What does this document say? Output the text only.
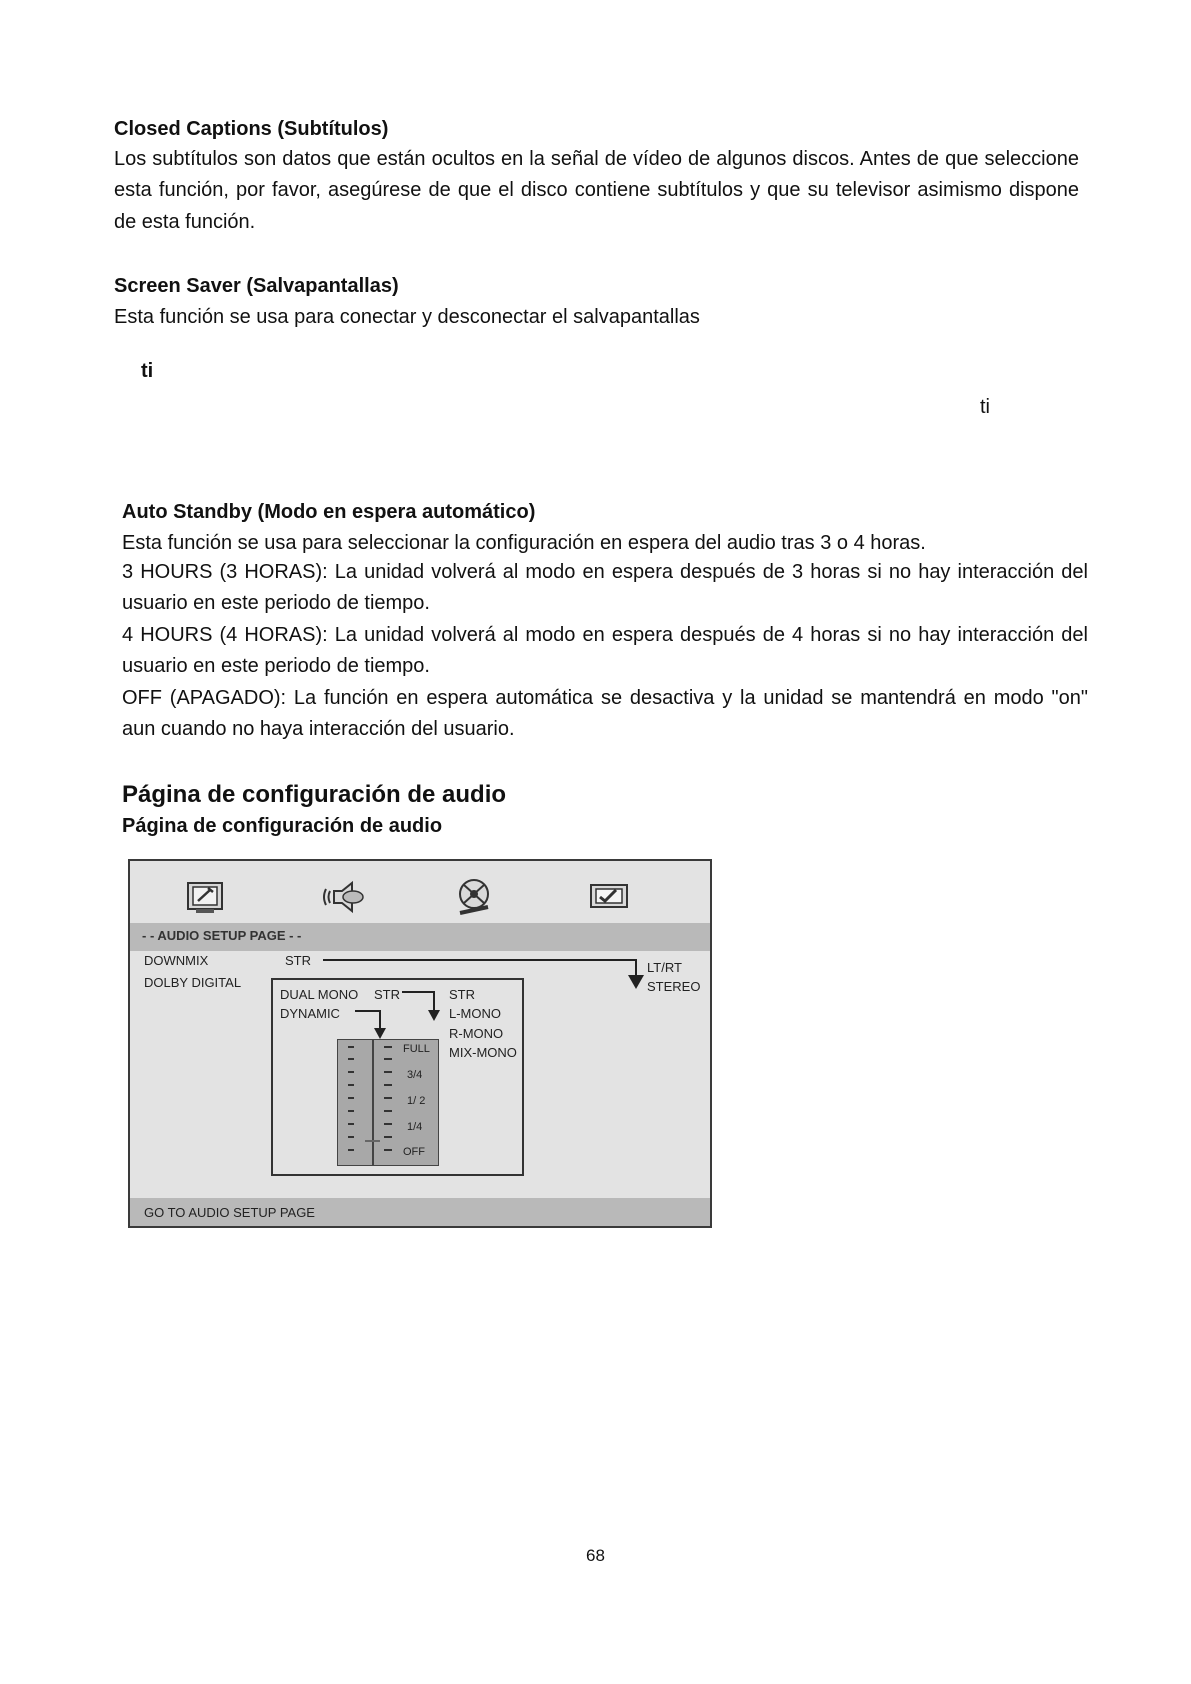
Closed Captions (Subtítulos)
Los subtítulos son datos que están ocultos en la señal de vídeo de algunos discos. Antes de que seleccione esta función, por favor, asegúrese de que el disco contiene subtítulos y que su televisor asimismo dispone de esta función.
Screen Saver (Salvapantallas)
Esta función se usa para conectar y desconectar el salvapantallas
ti
ti
Auto Standby (Modo en espera automático)
Esta función se usa para seleccionar la configuración en espera del audio tras 3 o 4 horas.
3 HOURS (3 HORAS): La unidad volverá al modo en espera después de 3 horas si no hay interacción del usuario en este periodo de tiempo.
4 HOURS (4 HORAS): La unidad volverá al modo en espera después de 4 horas si no hay interacción del usuario en este periodo de tiempo.
OFF (APAGADO): La función en espera automática se desactiva y la unidad se mantendrá en modo "on" aun cuando no haya interacción del usuario.
Página de configuración de audio
Página de configuración de audio
- - AUDIO SETUP PAGE - -
DOWNMIX	STR
DOLBY DIGITAL
LT/RT
STEREO
DUAL MONO STR
DYNAMIC
STR
L-MONO
R-MONO
MIX-MONO
FULL
3/4
1/ 2
1/4
OFF
GO TO AUDIO SETUP PAGE
68
